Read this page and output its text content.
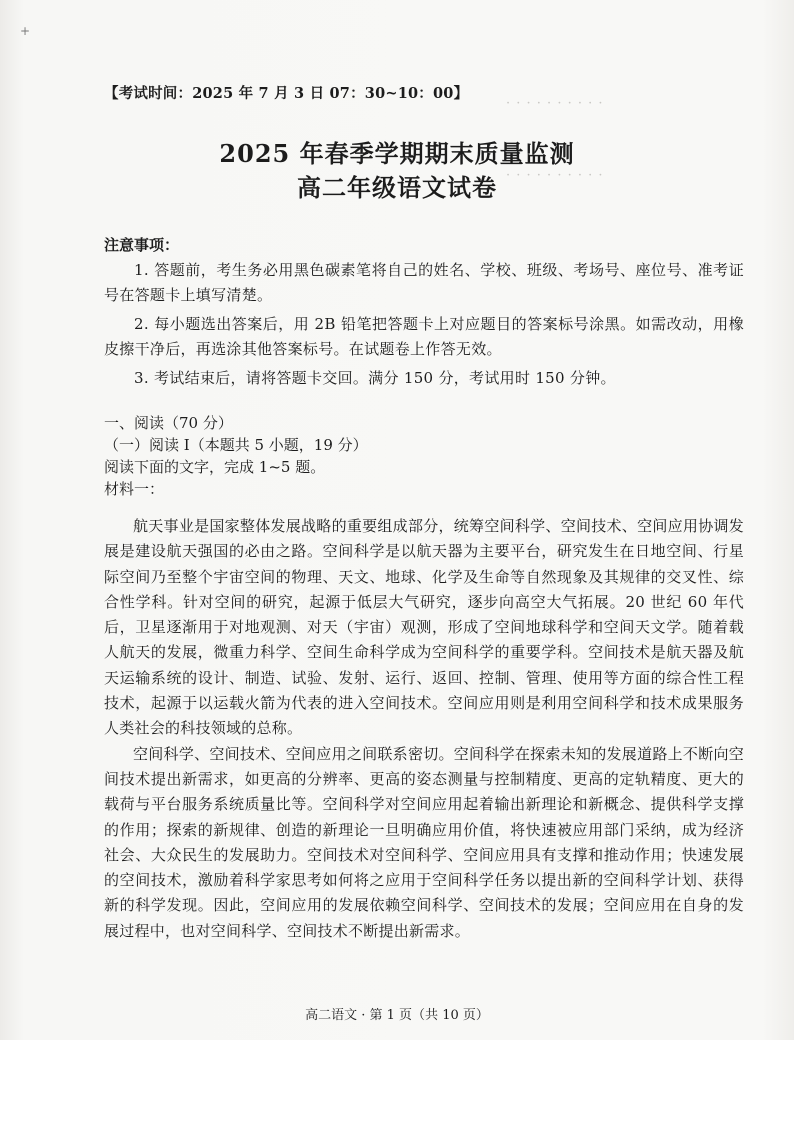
+
【考试时间：2025 年 7 月 3 日 07：30~10：00】
· · · · · · · · · ·
· · · · · · · · · ·
2025 年春季学期期末质量监测
高二年级语文试卷
注意事项：

1. 答题前，考生务必用黑色碳素笔将自己的姓名、学校、班级、考场号、座位号、准考证号在答题卡上填写清楚。

2. 每小题选出答案后，用 2B 铅笔把答题卡上对应题目的答案标号涂黑。如需改动，用橡皮擦干净后，再选涂其他答案标号。在试题卷上作答无效。

3. 考试结束后，请将答题卡交回。满分 150 分，考试用时 150 分钟。

一、阅读（70 分）
（一）阅读 I（本题共 5 小题，19 分）
阅读下面的文字，完成 1~5 题。
材料一：

航天事业是国家整体发展战略的重要组成部分，统筹空间科学、空间技术、空间应用协调发展是建设航天强国的必由之路。空间科学是以航天器为主要平台，研究发生在日地空间、行星际空间乃至整个宇宙空间的物理、天文、地球、化学及生命等自然现象及其规律的交叉性、综合性学科。针对空间的研究，起源于低层大气研究，逐步向高空大气拓展。20 世纪 60 年代后，卫星逐渐用于对地观测、对天（宇宙）观测，形成了空间地球科学和空间天文学。随着载人航天的发展，微重力科学、空间生命科学成为空间科学的重要学科。空间技术是航天器及航天运输系统的设计、制造、试验、发射、运行、返回、控制、管理、使用等方面的综合性工程技术，起源于以运载火箭为代表的进入空间技术。空间应用则是利用空间科学和技术成果服务人类社会的科技领域的总称。

空间科学、空间技术、空间应用之间联系密切。空间科学在探索未知的发展道路上不断向空间技术提出新需求，如更高的分辨率、更高的姿态测量与控制精度、更高的定轨精度、更大的载荷与平台服务系统质量比等。空间科学对空间应用起着输出新理论和新概念、提供科学支撑的作用；探索的新规律、创造的新理论一旦明确应用价值，将快速被应用部门采纳，成为经济社会、大众民生的发展助力。空间技术对空间科学、空间应用具有支撑和推动作用；快速发展的空间技术，激励着科学家思考如何将之应用于空间科学任务以提出新的空间科学计划、获得新的科学发现。因此，空间应用的发展依赖空间科学、空间技术的发展；空间应用在自身的发展过程中，也对空间科学、空间技术不断提出新需求。

高二语文 · 第 1 页（共 10 页）
